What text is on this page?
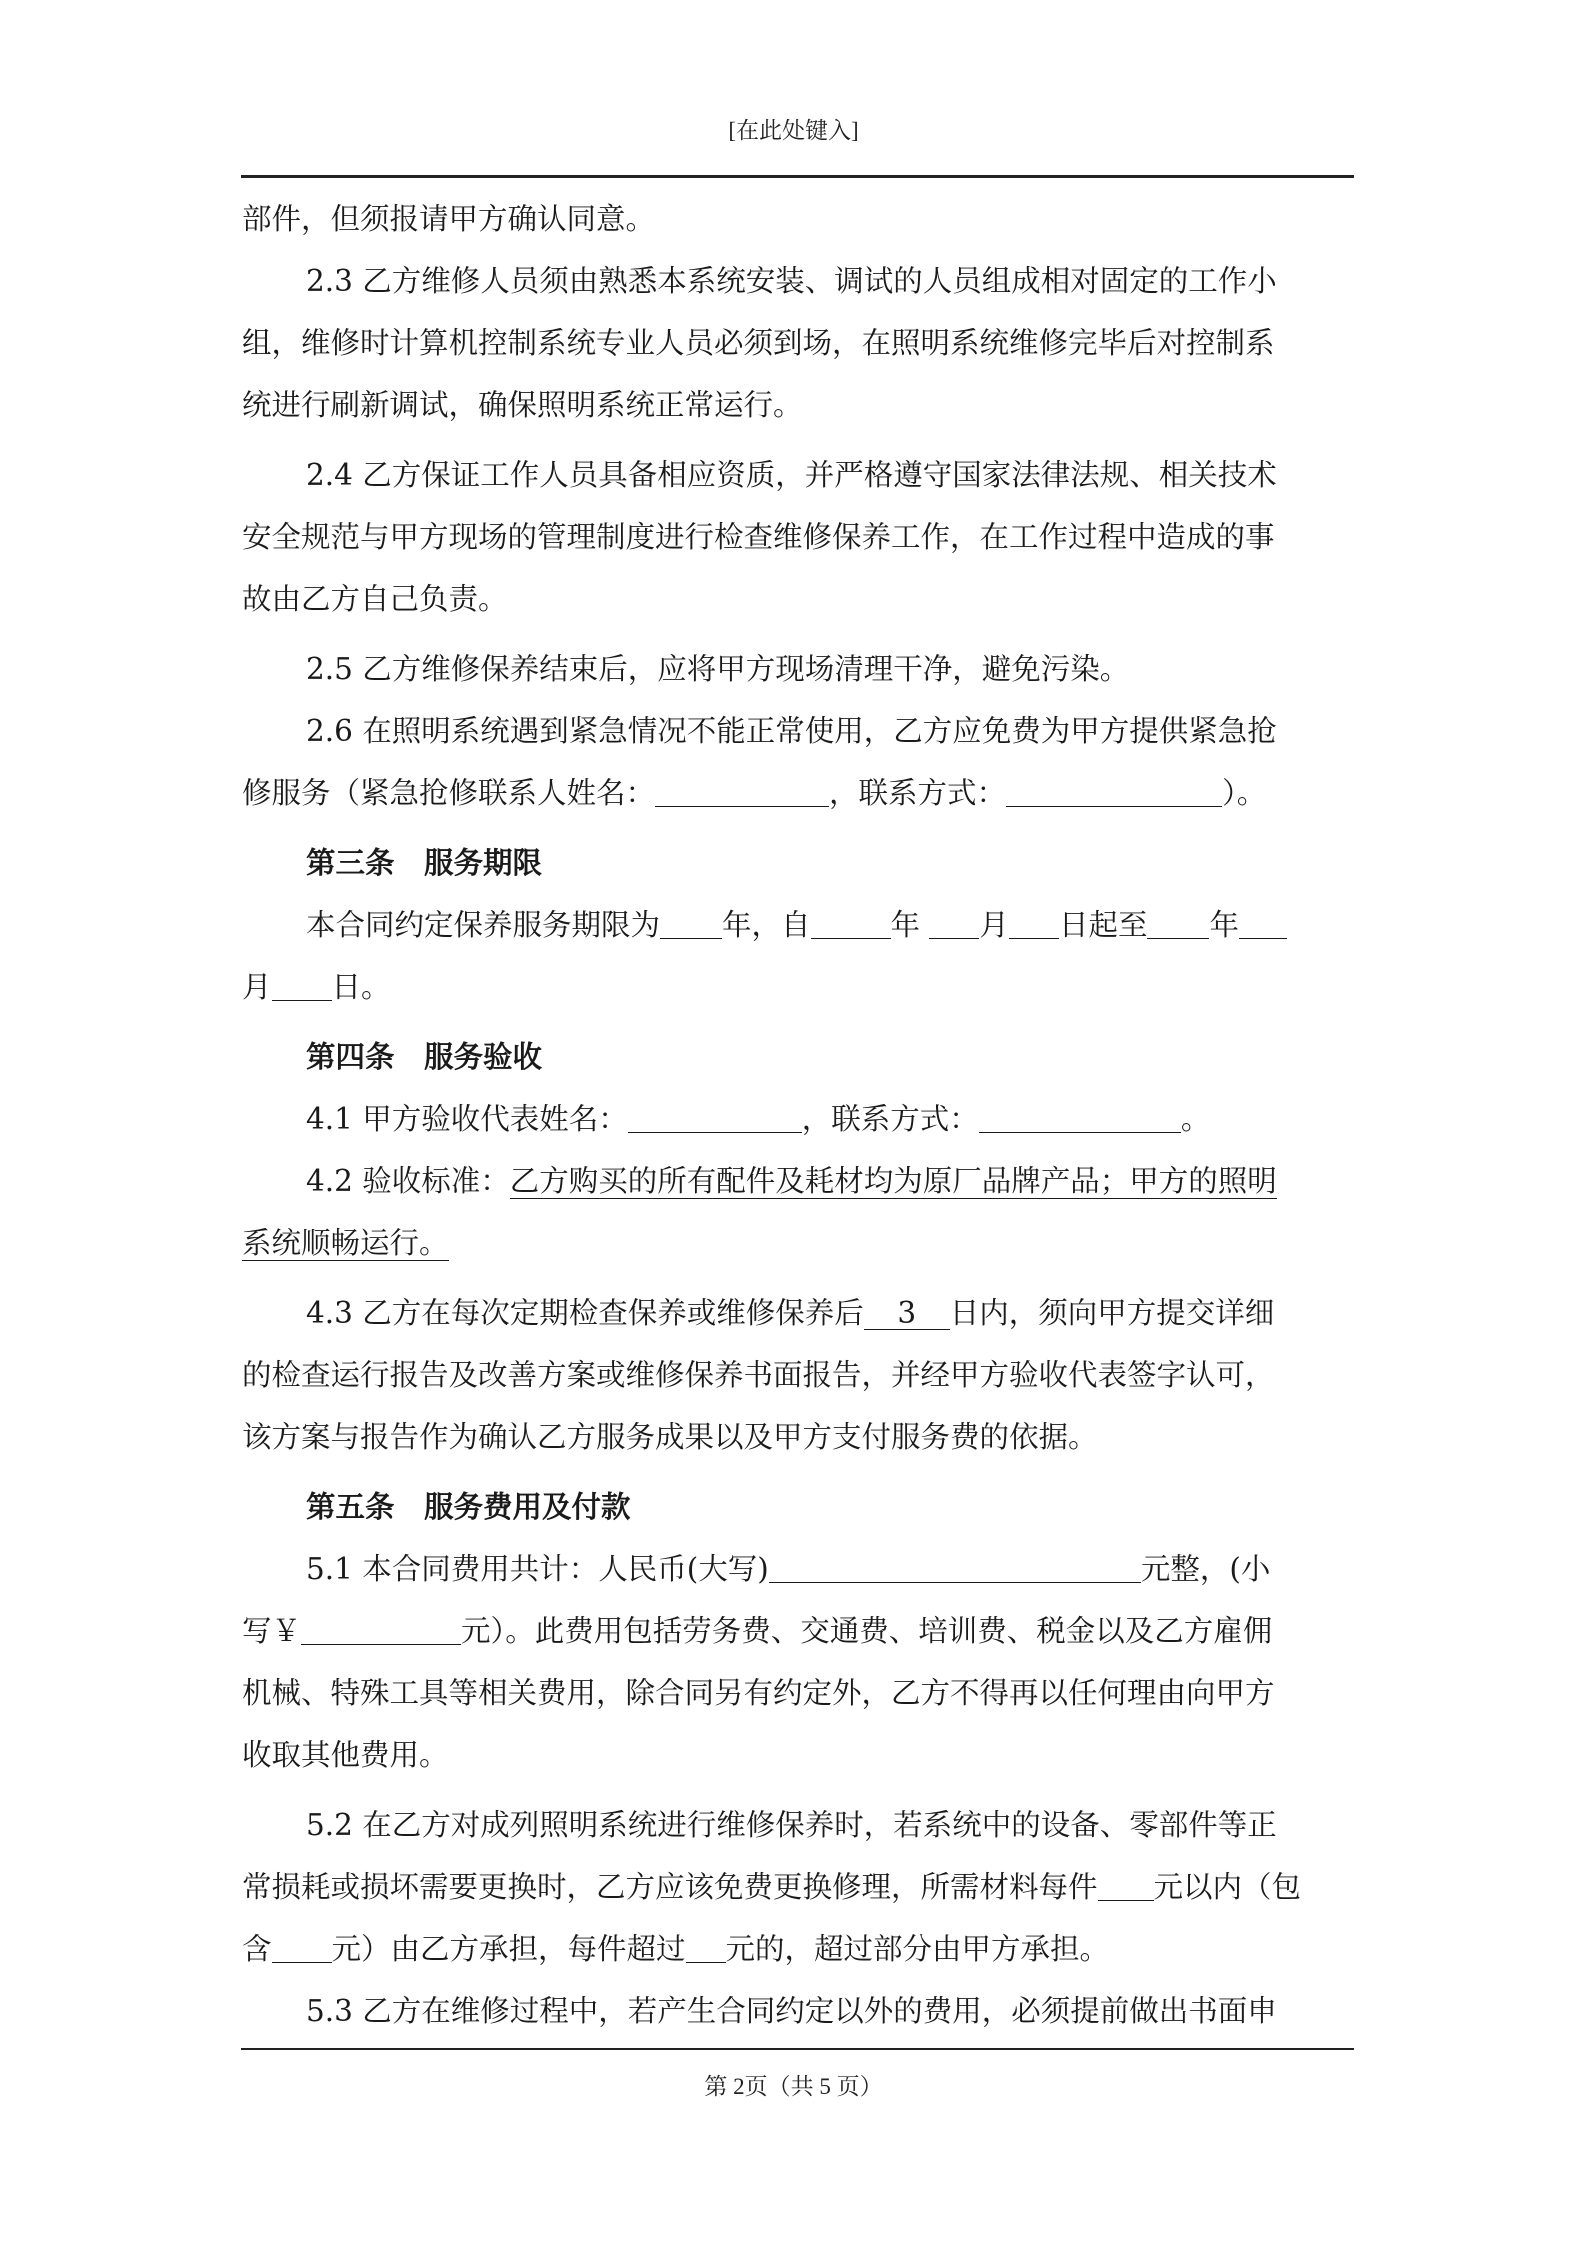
[在此处键入]

部件，但须报请甲方确认同意。

2.3 乙方维修人员须由熟悉本系统安装、调试的人员组成相对固定的工作小

组，维修时计算机控制系统专业人员必须到场，在照明系统维修完毕后对控制系

统进行刷新调试，确保照明系统正常运行。

2.4 乙方保证工作人员具备相应资质，并严格遵守国家法律法规、相关技术

安全规范与甲方现场的管理制度进行检查维修保养工作，在工作过程中造成的事

故由乙方自己负责。

2.5 乙方维修保养结束后，应将甲方现场清理干净，避免污染。

2.6 在照明系统遇到紧急情况不能正常使用，乙方应免费为甲方提供紧急抢

修服务（紧急抢修联系人姓名：	，联系方式：	）。

第三条　服务期限

本合同约定保养服务期限为 年，自	年 月 日起至 年

月 日。

第四条　服务验收

4.1 甲方验收代表姓名：	，联系方式：	。

4.2 验收标准：乙方购买的所有配件及耗材均为原厂品牌产品；甲方的照明

系统顺畅运行。

4.3 乙方在每次定期检查保养或维修保养后 3 日内，须向甲方提交详细

的检查运行报告及改善方案或维修保养书面报告，并经甲方验收代表签字认可，

该方案与报告作为确认乙方服务成果以及甲方支付服务费的依据。

第五条　服务费用及付款

5.1 本合同费用共计：人民币(大写)	元整，(小

写￥	元）。此费用包括劳务费、交通费、培训费、税金以及乙方雇佣

机械、特殊工具等相关费用，除合同另有约定外，乙方不得再以任何理由向甲方

收取其他费用。

5.2 在乙方对成列照明系统进行维修保养时，若系统中的设备、零部件等正

常损耗或损坏需要更换时，乙方应该免费更换修理，所需材料每件 元以内（包

含 元）由乙方承担，每件超过 元的，超过部分由甲方承担。

5.3 乙方在维修过程中，若产生合同约定以外的费用，必须提前做出书面申

第 2页（共 5 页）
